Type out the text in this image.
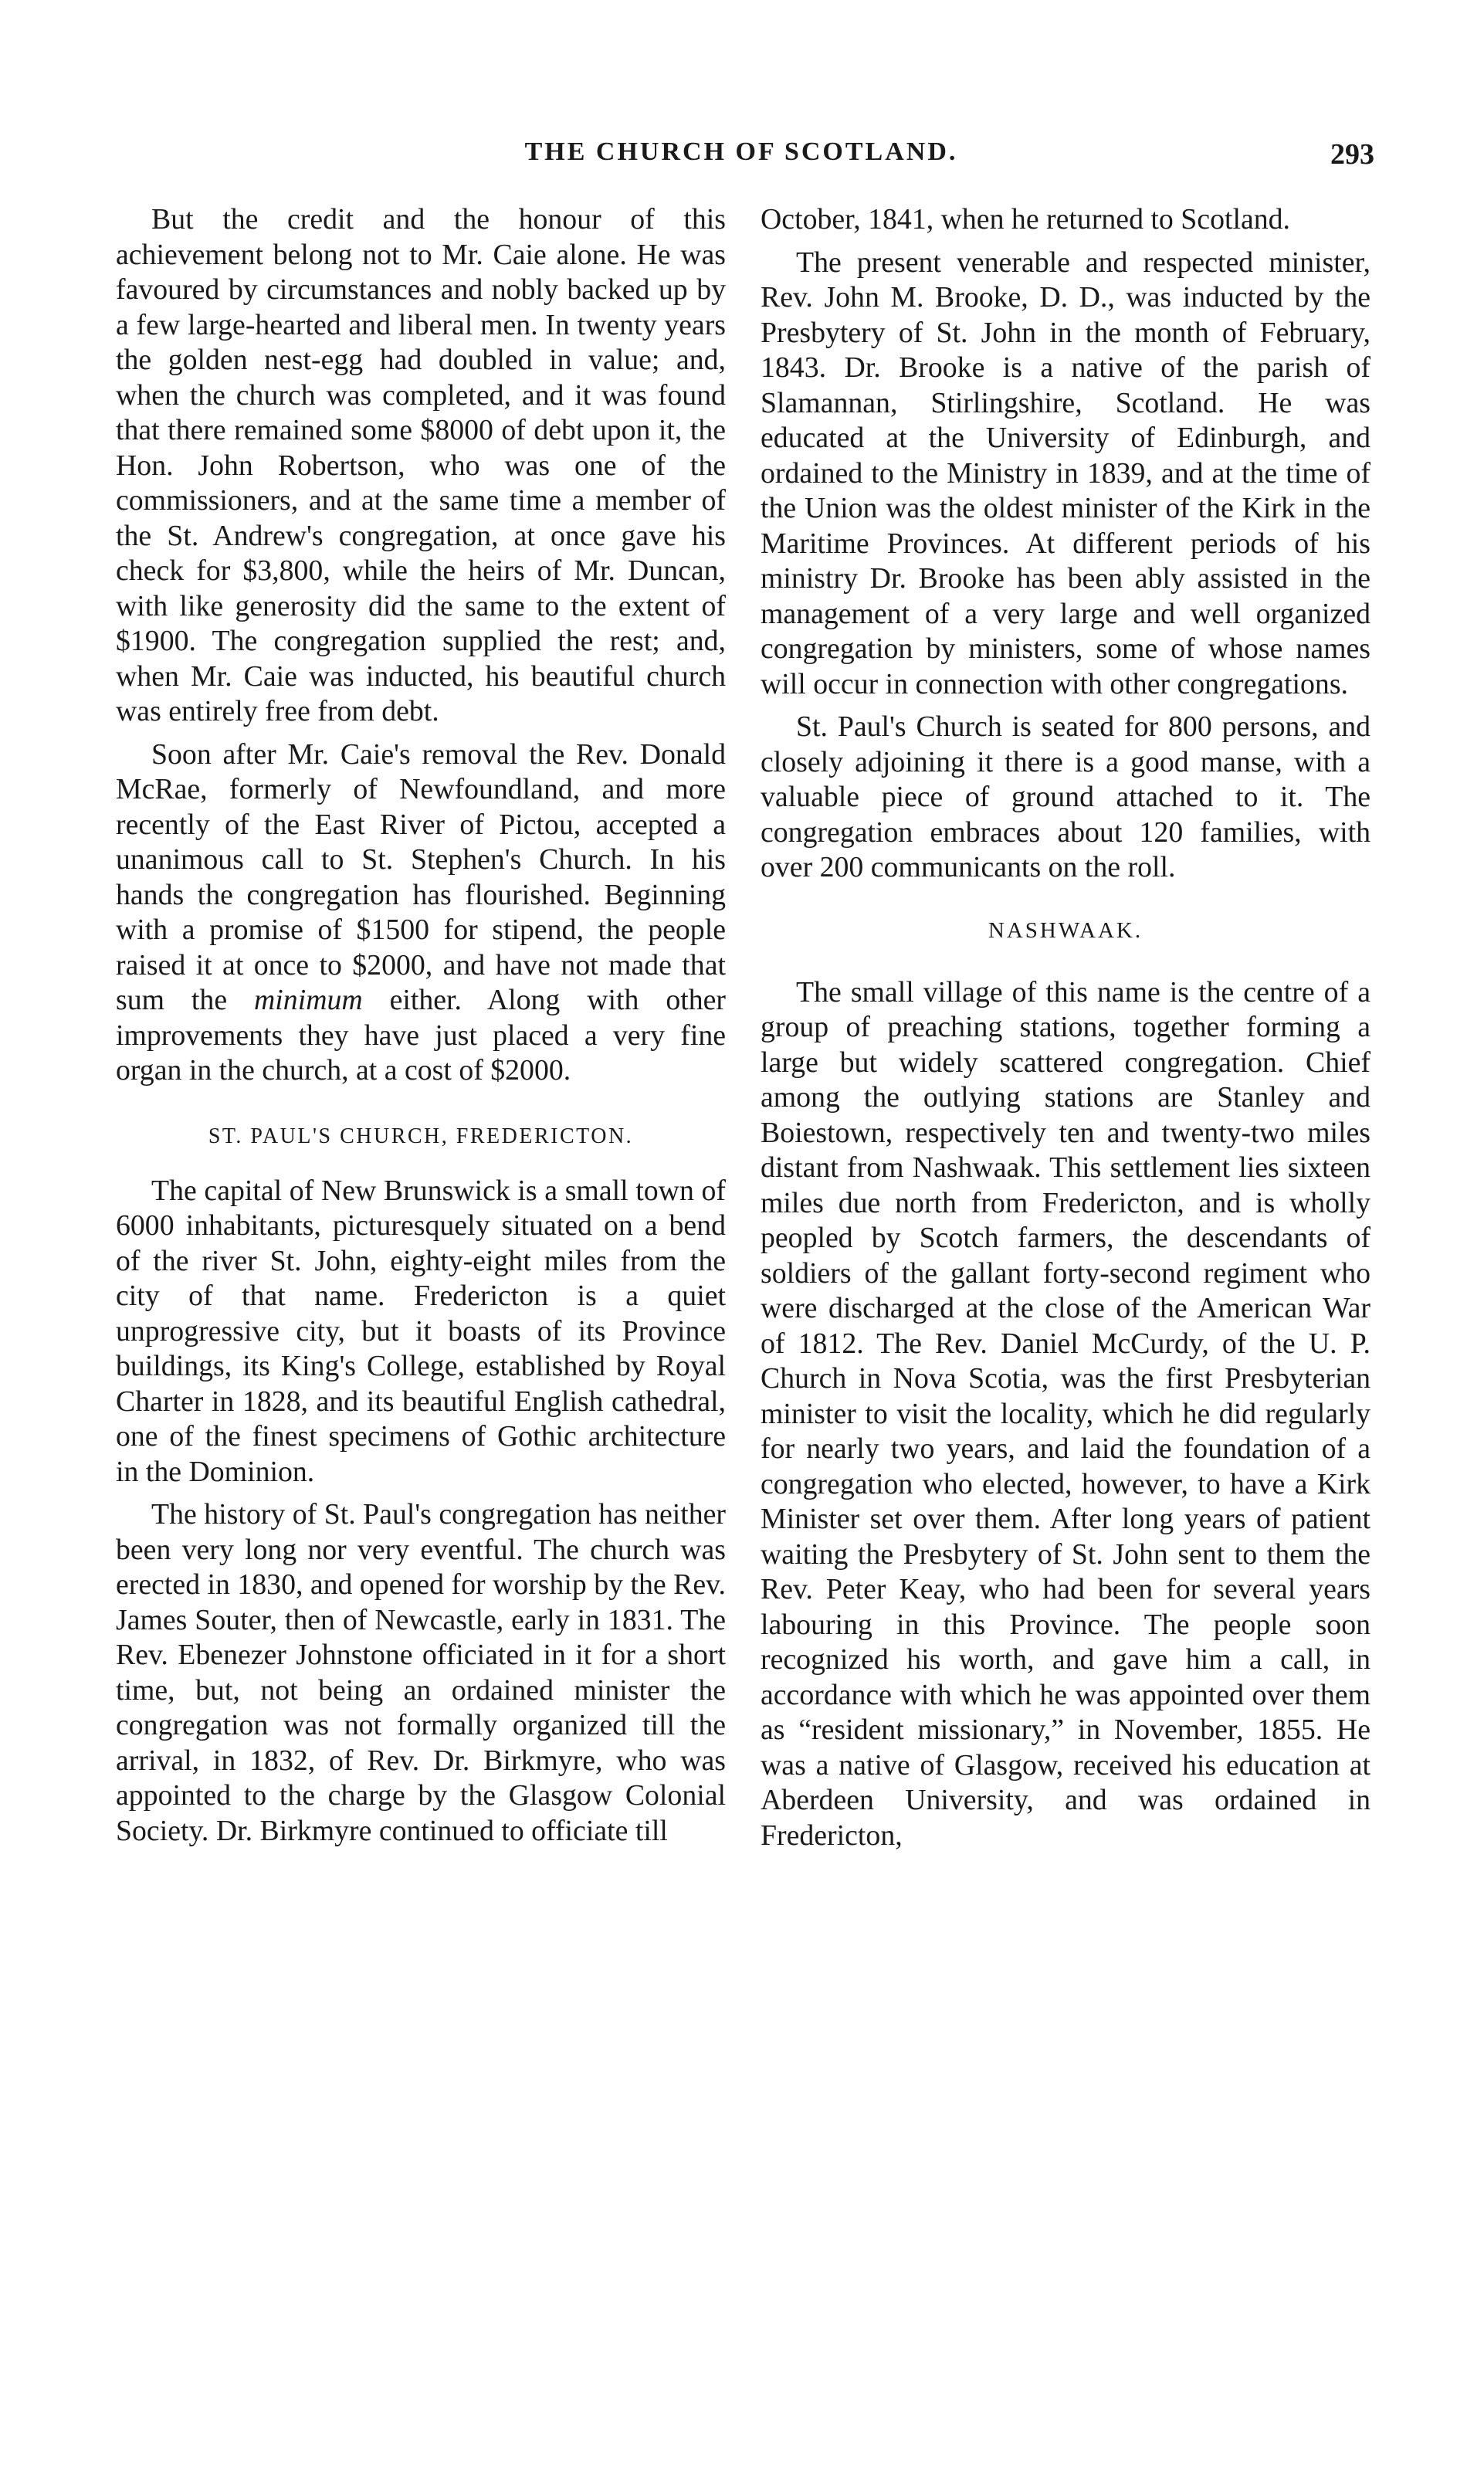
THE CHURCH OF SCOTLAND.	293

But the credit and the honour of this achievement belong not to Mr. Caie alone. He was favoured by circumstances and nobly backed up by a few large-hearted and liberal men. In twenty years the golden nest-egg had doubled in value; and, when the church was completed, and it was found that there remained some $8000 of debt upon it, the Hon. John Robertson, who was one of the commissioners, and at the same time a member of the St. Andrew's congregation, at once gave his check for $3,800, while the heirs of Mr. Duncan, with like generosity did the same to the extent of $1900. The congregation supplied the rest; and, when Mr. Caie was inducted, his beautiful church was entirely free from debt.

Soon after Mr. Caie's removal the Rev. Donald McRae, formerly of Newfoundland, and more recently of the East River of Pictou, accepted a unanimous call to St. Stephen's Church. In his hands the congregation has flourished. Beginning with a promise of $1500 for stipend, the people raised it at once to $2000, and have not made that sum the minimum either. Along with other improvements they have just placed a very fine organ in the church, at a cost of $2000.

ST. PAUL'S CHURCH, FREDERICTON.

The capital of New Brunswick is a small town of 6000 inhabitants, picturesquely situated on a bend of the river St. John, eighty-eight miles from the city of that name. Fredericton is a quiet unprogressive city, but it boasts of its Province buildings, its King's College, established by Royal Charter in 1828, and its beautiful English cathedral, one of the finest specimens of Gothic architecture in the Dominion.

The history of St. Paul's congregation has neither been very long nor very eventful. The church was erected in 1830, and opened for worship by the Rev. James Souter, then of Newcastle, early in 1831. The Rev. Ebenezer Johnstone officiated in it for a short time, but, not being an ordained minister the congregation was not formally organized till the arrival, in 1832, of Rev. Dr. Birkmyre, who was appointed to the charge by the Glasgow Colonial Society. Dr. Birkmyre continued to officiate till

October, 1841, when he returned to Scotland.

The present venerable and respected minister, Rev. John M. Brooke, D. D., was inducted by the Presbytery of St. John in the month of February, 1843. Dr. Brooke is a native of the parish of Slamannan, Stirlingshire, Scotland. He was educated at the University of Edinburgh, and ordained to the Ministry in 1839, and at the time of the Union was the oldest minister of the Kirk in the Maritime Provinces. At different periods of his ministry Dr. Brooke has been ably assisted in the management of a very large and well organized congregation by ministers, some of whose names will occur in connection with other congregations.

St. Paul's Church is seated for 800 persons, and closely adjoining it there is a good manse, with a valuable piece of ground attached to it. The congregation embraces about 120 families, with over 200 communicants on the roll.

NASHWAAK.

The small village of this name is the centre of a group of preaching stations, together forming a large but widely scattered congregation. Chief among the outlying stations are Stanley and Boiestown, respectively ten and twenty-two miles distant from Nashwaak. This settlement lies sixteen miles due north from Fredericton, and is wholly peopled by Scotch farmers, the descendants of soldiers of the gallant forty-second regiment who were discharged at the close of the American War of 1812. The Rev. Daniel McCurdy, of the U. P. Church in Nova Scotia, was the first Presbyterian minister to visit the locality, which he did regularly for nearly two years, and laid the foundation of a congregation who elected, however, to have a Kirk Minister set over them. After long years of patient waiting the Presbytery of St. John sent to them the Rev. Peter Keay, who had been for several years labouring in this Province. The people soon recognized his worth, and gave him a call, in accordance with which he was appointed over them as “resident missionary,” in November, 1855. He was a native of Glasgow, received his education at Aberdeen University, and was ordained in Fredericton,
